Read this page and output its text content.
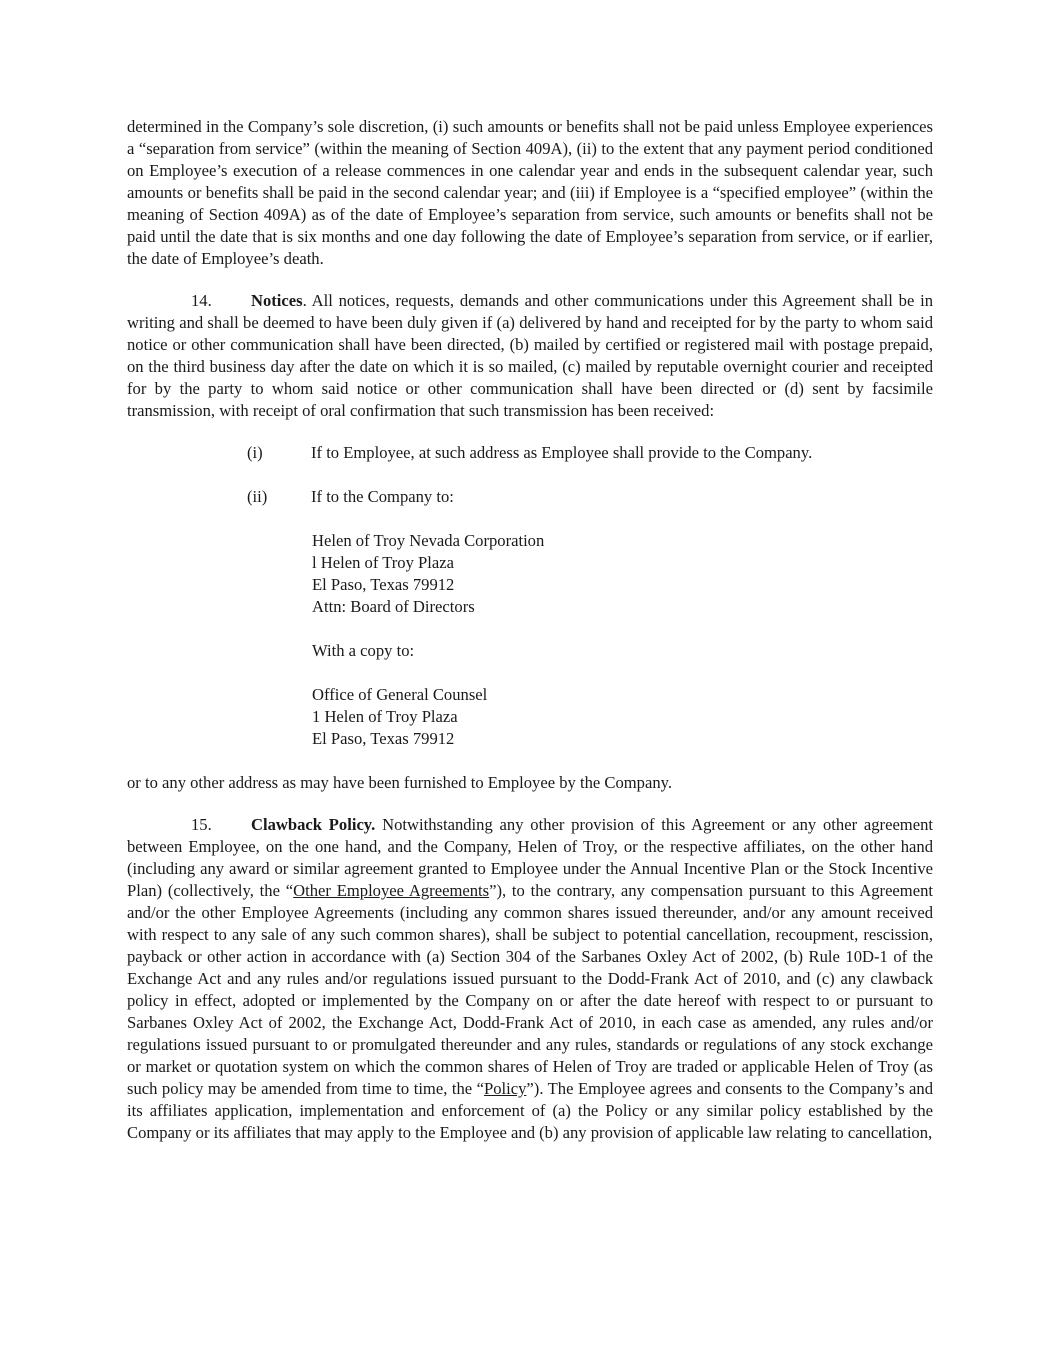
determined in the Company’s sole discretion, (i) such amounts or benefits shall not be paid unless Employee experiences a “separation from service” (within the meaning of Section 409A), (ii) to the extent that any payment period conditioned on Employee’s execution of a release commences in one calendar year and ends in the subsequent calendar year, such amounts or benefits shall be paid in the second calendar year; and (iii) if Employee is a “specified employee” (within the meaning of Section 409A) as of the date of Employee’s separation from service, such amounts or benefits shall not be paid until the date that is six months and one day following the date of Employee’s separation from service, or if earlier, the date of Employee’s death.

14. Notices. All notices, requests, demands and other communications under this Agreement shall be in writing and shall be deemed to have been duly given if (a) delivered by hand and receipted for by the party to whom said notice or other communication shall have been directed, (b) mailed by certified or registered mail with postage prepaid, on the third business day after the date on which it is so mailed, (c) mailed by reputable overnight courier and receipted for by the party to whom said notice or other communication shall have been directed or (d) sent by facsimile transmission, with receipt of oral confirmation that such transmission has been received:

(i)	If to Employee, at such address as Employee shall provide to the Company.
(ii)	If to the Company to:
Helen of Troy Nevada Corporation
l Helen of Troy Plaza
El Paso, Texas 79912
Attn: Board of Directors
With a copy to:
Office of General Counsel
1 Helen of Troy Plaza
El Paso, Texas 79912

or to any other address as may have been furnished to Employee by the Company.

15. Clawback Policy. Notwithstanding any other provision of this Agreement or any other agreement between Employee, on the one hand, and the Company, Helen of Troy, or the respective affiliates, on the other hand (including any award or similar agreement granted to Employee under the Annual Incentive Plan or the Stock Incentive Plan) (collectively, the “Other Employee Agreements”), to the contrary, any compensation pursuant to this Agreement and/or the other Employee Agreements (including any common shares issued thereunder, and/or any amount received with respect to any sale of any such common shares), shall be subject to potential cancellation, recoupment, rescission, payback or other action in accordance with (a) Section 304 of the Sarbanes Oxley Act of 2002, (b) Rule 10D-1 of the Exchange Act and any rules and/or regulations issued pursuant to the Dodd-Frank Act of 2010, and (c) any clawback policy in effect, adopted or implemented by the Company on or after the date hereof with respect to or pursuant to Sarbanes Oxley Act of 2002, the Exchange Act, Dodd-Frank Act of 2010, in each case as amended, any rules and/or regulations issued pursuant to or promulgated thereunder and any rules, standards or regulations of any stock exchange or market or quotation system on which the common shares of Helen of Troy are traded or applicable Helen of Troy (as such policy may be amended from time to time, the “Policy”). The Employee agrees and consents to the Company’s and its affiliates application, implementation and enforcement of (a) the Policy or any similar policy established by the Company or its affiliates that may apply to the Employee and (b) any provision of applicable law relating to cancellation,
